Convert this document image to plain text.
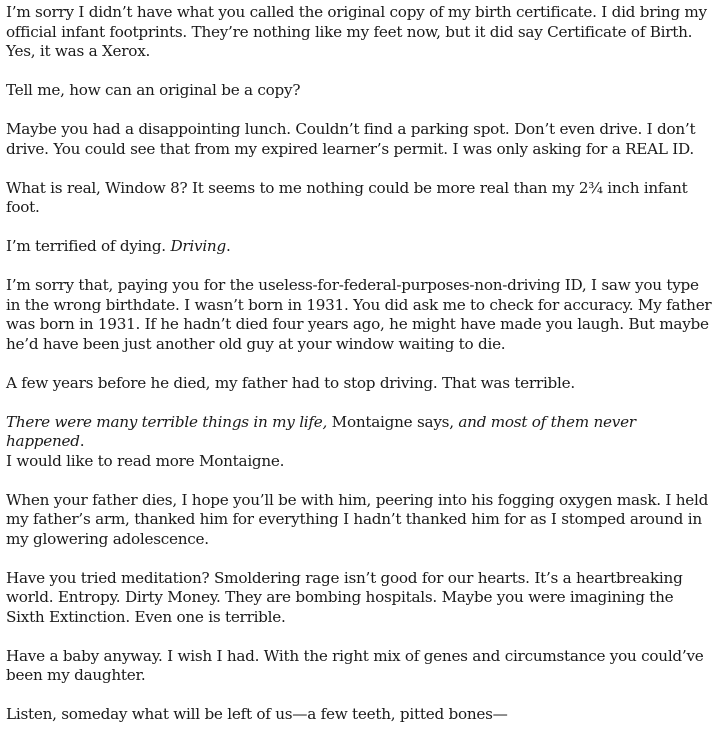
I’m sorry I didn’t have what you called the original copy of my birth certificate. I did bring my official infant footprints. They’re nothing like my feet now, but it did say Certificate of Birth. Yes, it was a Xerox.

Tell me, how can an original be a copy?

Maybe you had a disappointing lunch. Couldn’t find a parking spot. Don’t even drive. I don’t drive. You could see that from my expired learner’s permit. I was only asking for a REAL ID.

What is real, Window 8? It seems to me nothing could be more real than my 2¾ inch infant foot.

I’m terrified of dying. Driving.

I’m sorry that, paying you for the useless-for-federal-purposes-non-driving ID, I saw you type in the wrong birthdate. I wasn’t born in 1931. You did ask me to check for accuracy. My father was born in 1931. If he hadn’t died four years ago, he might have made you laugh. But maybe he’d have been just another old guy at your window waiting to die.

A few years before he died, my father had to stop driving. That was terrible.

There were many terrible things in my life, Montaigne says, and most of them never happened.

I would like to read more Montaigne.

When your father dies, I hope you’ll be with him, peering into his fogging oxygen mask. I held my father’s arm, thanked him for everything I hadn’t thanked him for as I stomped around in my glowering adolescence.

Have you tried meditation? Smoldering rage isn’t good for our hearts. It’s a heartbreaking world. Entropy. Dirty Money. They are bombing hospitals. Maybe you were imagining the Sixth Extinction. Even one is terrible.

Have a baby anyway. I wish I had. With the right mix of genes and circumstance you could’ve been my daughter.

Listen, someday what will be left of us—a few teeth, pitted bones—
